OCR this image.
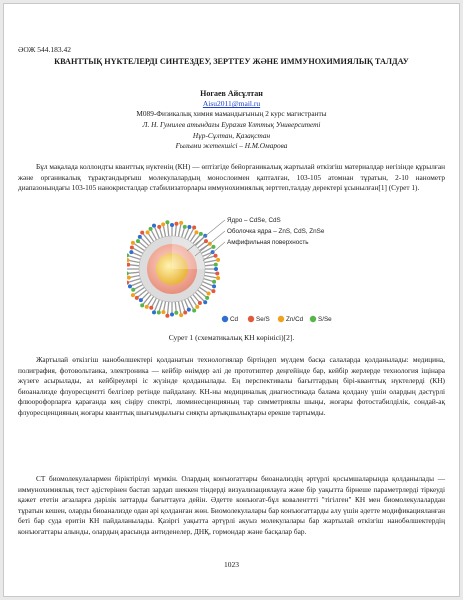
ӘОЖ 544.183.42
КВАНТТЫҚ НҮКТЕЛЕРДІ СИНТЕЗДЕУ, ЗЕРТТЕУ ЖӘНЕ ИММУНОХИМИЯЛЫҚ ТАЛДАУ
Ногаев Айсұлтан
Aisu2011@mail.ru
М089-Физикалық химия мамандығының 2 курс магистранты
Л. Н. Гумилев атындағы Еуразия Ұлттық Университеті
Нұр-Сұлтан, Қазақстан
Ғылыми жетекшісі – Н.М.Омарова
Бұл мақалада коллоидты кванттық нүктенің (КН) — өптізгіде бейорганикалық жартылай өткізгіш материалдар негізінде құрылған және органикалық тұрақтандырғыш молекулалардың монослоимен қапталған, 103-105 атомнан тұратын, 2-10 нанометр диапазонындағы 103-105 нанокристалдар стабилизаторлары иммунохимиялық зерттеп,талдау деректері ұсынылған[1] (Сурет 1).
Ядро – CdSe, CdS
Оболочка ядра – ZnS, CdS, ZnSe
Амфифильная поверхность
Cd	Se/S	Zn/Cd S/Se
Сурет 1 (схематикалық КН көрінісі)[2].
Жартылай өткізгіш нанобөлшектері қолданатын технологиялар біртіндеп мүлдем басқа салаларда қолданылады: медицина, полиграфия, фотовольтаика, электроника — кейбір өнімдер әлі де прототиптер деңгейінде бар, кейбір жерлерде технология іщінара жүзеге асырылады, ал кейбіреулері іс жүзінде қолданылады. Ең перспективалы бағыттардың бірі-кванттық нүктелерді (КН) биоанализде флуоресцентті белгілер ретінде пайдалану. КН-ны медициналық диагностикада балама қолдану үшін олардың дәстүрлі флюорофорларға қарағанда кең сіңіру спектрі, люминесценцияның тар симметриялы шыңы, жоғары фотостабилділік, сондай-ақ флуоресценцияның жоғары кванттық шығымдылығы сияқты артықшылықтары ерекше тартымды.
СТ биомолекулалармен біріктірілуі мүмкін. Олардың конъюгаттары биоанализдің әртүрлі қосымшаларында қолданылады — иммунохимиялық тест әдістерінен бастап зардап шеккен тіндерді визуализациялауға және бір уақытта бірнеше параметрлерді тіркеуді қажет ететін ағзаларға дәрілік заттарды бағыттауға дейін. Әдетте конъюгат-бұл коваленттті "тігілген" КН мен биомолекулалардан тұратын кешен, оларды биоанализде одан әрі қолданған жөн. Биомолекулалары бар конъюгаттарды алу үшін әдетте модификацияланған беті бар суда еритін КН пайдаланылады. Қазіргі уақытта әртүрлі акуыз молекулалары бар жартылай өткізгіш нанобөлшектердің конъюгаттары алынды, олардың арасында антиденелер, ДНҚ, гормондар және басқалар бар.
1023
